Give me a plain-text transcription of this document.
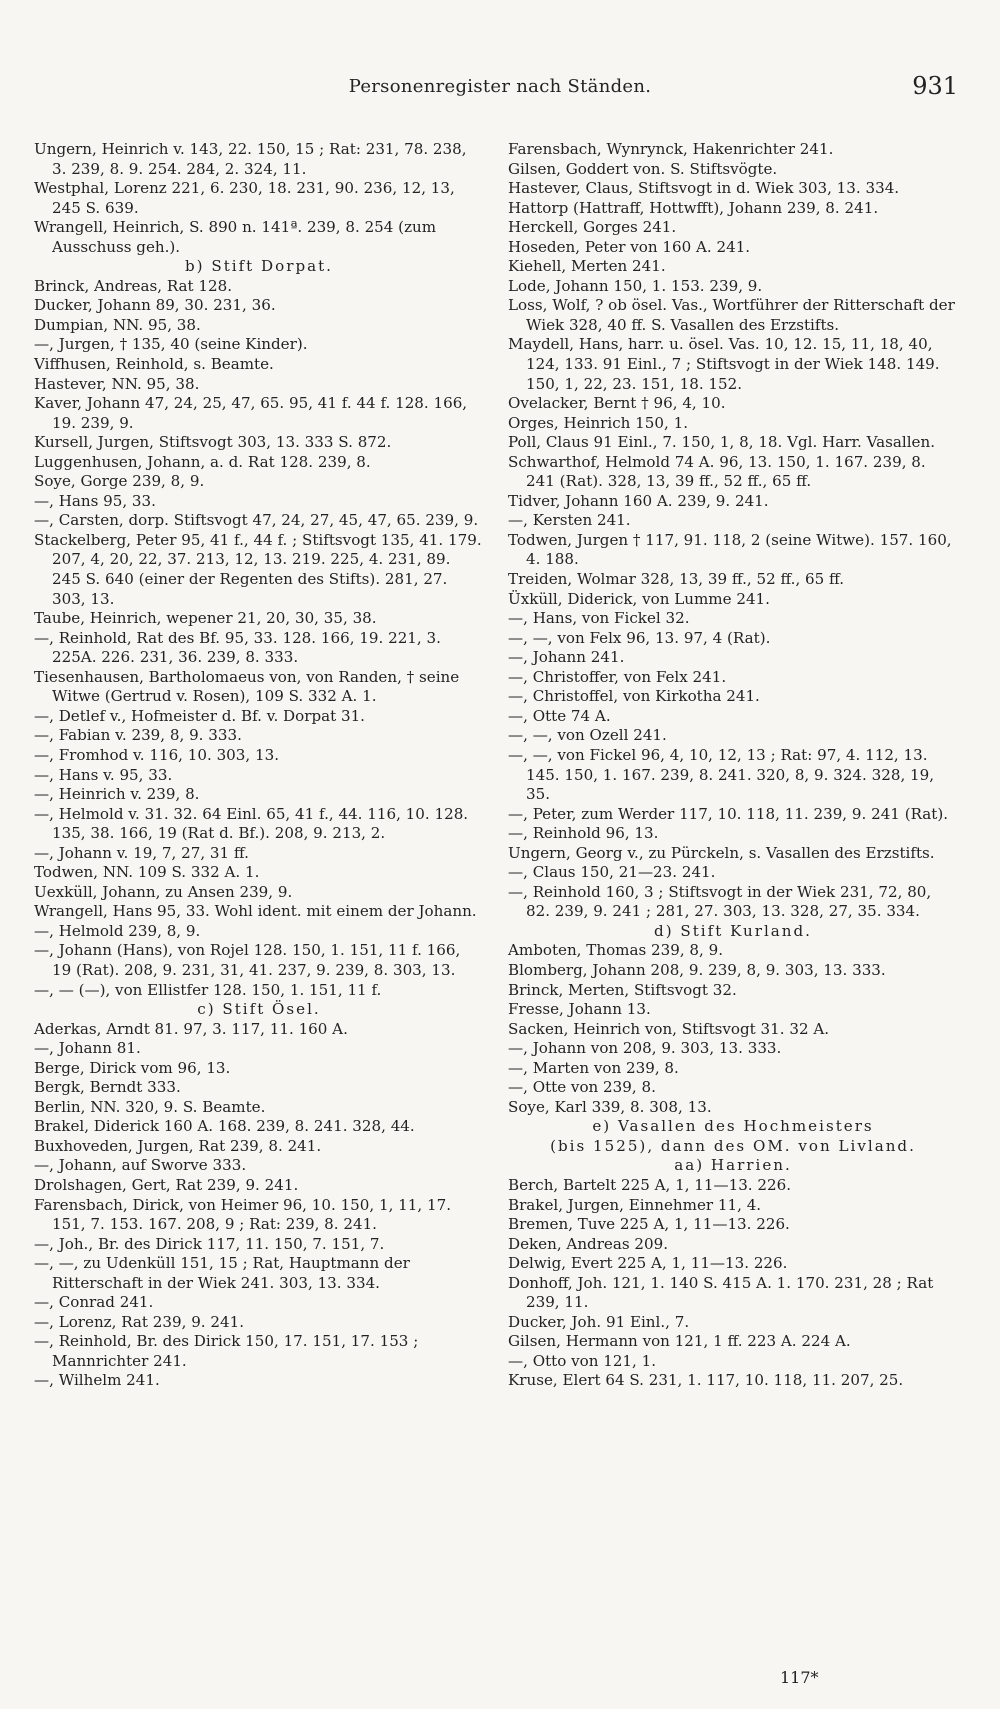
Personenregister nach Ständen.	931
Ungern, Heinrich v. 143, 22. 150, 15 ; Rat: 231, 78. 238, 3. 239, 8. 9. 254. 284, 2. 324, 11.
Westphal, Lorenz 221, 6. 230, 18. 231, 90. 236, 12, 13, 245 S. 639.
Wrangell, Heinrich, S. 890 n. 141ª. 239, 8. 254 (zum Ausschuss geh.).
b) Stift Dorpat.
Brinck, Andreas, Rat 128.
Ducker, Johann 89, 30. 231, 36.
Dumpian, NN. 95, 38.
—, Jurgen, † 135, 40 (seine Kinder).
Viffhusen, Reinhold, s. Beamte.
Hastever, NN. 95, 38.
Kaver, Johann 47, 24, 25, 47, 65. 95, 41 f. 44 f. 128. 166, 19. 239, 9.
Kursell, Jurgen, Stiftsvogt 303, 13. 333 S. 872.
Luggenhusen, Johann, a. d. Rat 128. 239, 8.
Soye, Gorge 239, 8, 9.
—, Hans 95, 33.
—, Carsten, dorp. Stiftsvogt 47, 24, 27, 45, 47, 65. 239, 9.
Stackelberg, Peter 95, 41 f., 44 f. ; Stiftsvogt 135, 41. 179. 207, 4, 20, 22, 37. 213, 12, 13. 219. 225, 4. 231, 89. 245 S. 640 (einer der Regenten des Stifts). 281, 27. 303, 13.
Taube, Heinrich, wepener 21, 20, 30, 35, 38.
—, Reinhold, Rat des Bf. 95, 33. 128. 166, 19. 221, 3. 225A. 226. 231, 36. 239, 8. 333.
Tiesenhausen, Bartholomaeus von, von Randen, † seine Witwe (Gertrud v. Rosen), 109 S. 332 A. 1.
—, Detlef v., Hofmeister d. Bf. v. Dorpat 31.
—, Fabian v. 239, 8, 9. 333.
—, Fromhod v. 116, 10. 303, 13.
—, Hans v. 95, 33.
—, Heinrich v. 239, 8.
—, Helmold v. 31. 32. 64 Einl. 65, 41 f., 44. 116, 10. 128. 135, 38. 166, 19 (Rat d. Bf.). 208, 9. 213, 2.
—, Johann v. 19, 7, 27, 31 ff.
Todwen, NN. 109 S. 332 A. 1.
Uexküll, Johann, zu Ansen 239, 9.
Wrangell, Hans 95, 33. Wohl ident. mit einem der Johann.
—, Helmold 239, 8, 9.
—, Johann (Hans), von Rojel 128. 150, 1. 151, 11 f. 166, 19 (Rat). 208, 9. 231, 31, 41. 237, 9. 239, 8. 303, 13.
—, — (—), von Ellistfer 128. 150, 1. 151, 11 f.
c) Stift Ösel.
Aderkas, Arndt 81. 97, 3. 117, 11. 160 A.
—, Johann 81.
Berge, Dirick vom 96, 13.
Bergk, Berndt 333.
Berlin, NN. 320, 9. S. Beamte.
Brakel, Diderick 160 A. 168. 239, 8. 241. 328, 44.
Buxhoveden, Jurgen, Rat 239, 8. 241.
—, Johann, auf Sworve 333.
Drolshagen, Gert, Rat 239, 9. 241.
Farensbach, Dirick, von Heimer 96, 10. 150, 1, 11, 17. 151, 7. 153. 167. 208, 9 ; Rat: 239, 8. 241.
—, Joh., Br. des Dirick 117, 11. 150, 7. 151, 7.
—, —, zu Udenküll 151, 15 ; Rat, Hauptmann der Ritterschaft in der Wiek 241. 303, 13. 334.
—, Conrad 241.
—, Lorenz, Rat 239, 9. 241.
—, Reinhold, Br. des Dirick 150, 17. 151, 17. 153 ; Mannrichter 241.
—, Wilhelm 241.
Farensbach, Wynrynck, Hakenrichter 241.
Gilsen, Goddert von. S. Stiftsvögte.
Hastever, Claus, Stiftsvogt in d. Wiek 303, 13. 334.
Hattorp (Hattraff, Hottwfft), Johann 239, 8. 241.
Herckell, Gorges 241.
Hoseden, Peter von 160 A. 241.
Kiehell, Merten 241.
Lode, Johann 150, 1. 153. 239, 9.
Loss, Wolf, ? ob ösel. Vas., Wortführer der Ritterschaft der Wiek 328, 40 ff. S. Vasallen des Erzstifts.
Maydell, Hans, harr. u. ösel. Vas. 10, 12. 15, 11, 18, 40, 124, 133. 91 Einl., 7 ; Stiftsvogt in der Wiek 148. 149. 150, 1, 22, 23. 151, 18. 152.
Ovelacker, Bernt † 96, 4, 10.
Orges, Heinrich 150, 1.
Poll, Claus 91 Einl., 7. 150, 1, 8, 18. Vgl. Harr. Vasallen.
Schwarthof, Helmold 74 A. 96, 13. 150, 1. 167. 239, 8. 241 (Rat). 328, 13, 39 ff., 52 ff., 65 ff.
Tidver, Johann 160 A. 239, 9. 241.
—, Kersten 241.
Todwen, Jurgen † 117, 91. 118, 2 (seine Witwe). 157. 160, 4. 188.
Treiden, Wolmar 328, 13, 39 ff., 52 ff., 65 ff.
Üxküll, Diderick, von Lumme 241.
—, Hans, von Fickel 32.
—, —, von Felx 96, 13. 97, 4 (Rat).
—, Johann 241.
—, Christoffer, von Felx 241.
—, Christoffel, von Kirkotha 241.
—, Otte 74 A.
—, —, von Ozell 241.
—, —, von Fickel 96, 4, 10, 12, 13 ; Rat: 97, 4. 112, 13. 145. 150, 1. 167. 239, 8. 241. 320, 8, 9. 324. 328, 19, 35.
—, Peter, zum Werder 117, 10. 118, 11. 239, 9. 241 (Rat).
—, Reinhold 96, 13.
Ungern, Georg v., zu Pürckeln, s. Vasallen des Erzstifts.
—, Claus 150, 21—23. 241.
—, Reinhold 160, 3 ; Stiftsvogt in der Wiek 231, 72, 80, 82. 239, 9. 241 ; 281, 27. 303, 13. 328, 27, 35. 334.
d) Stift Kurland.
Amboten, Thomas 239, 8, 9.
Blomberg, Johann 208, 9. 239, 8, 9. 303, 13. 333.
Brinck, Merten, Stiftsvogt 32.
Fresse, Johann 13.
Sacken, Heinrich von, Stiftsvogt 31. 32 A.
—, Johann von 208, 9. 303, 13. 333.
—, Marten von 239, 8.
—, Otte von 239, 8.
Soye, Karl 339, 8. 308, 13.
e) Vasallen des Hochmeisters
(bis 1525), dann des OM. von Livland.
aa) Harrien.
Berch, Bartelt 225 A, 1, 11—13. 226.
Brakel, Jurgen, Einnehmer 11, 4.
Bremen, Tuve 225 A, 1, 11—13. 226.
Deken, Andreas 209.
Delwig, Evert 225 A, 1, 11—13. 226.
Donhoff, Joh. 121, 1. 140 S. 415 A. 1. 170. 231, 28 ; Rat 239, 11.
Ducker, Joh. 91 Einl., 7.
Gilsen, Hermann von 121, 1 ff. 223 A. 224 A.
—, Otto von 121, 1.
Kruse, Elert 64 S. 231, 1. 117, 10. 118, 11. 207, 25.
117*
